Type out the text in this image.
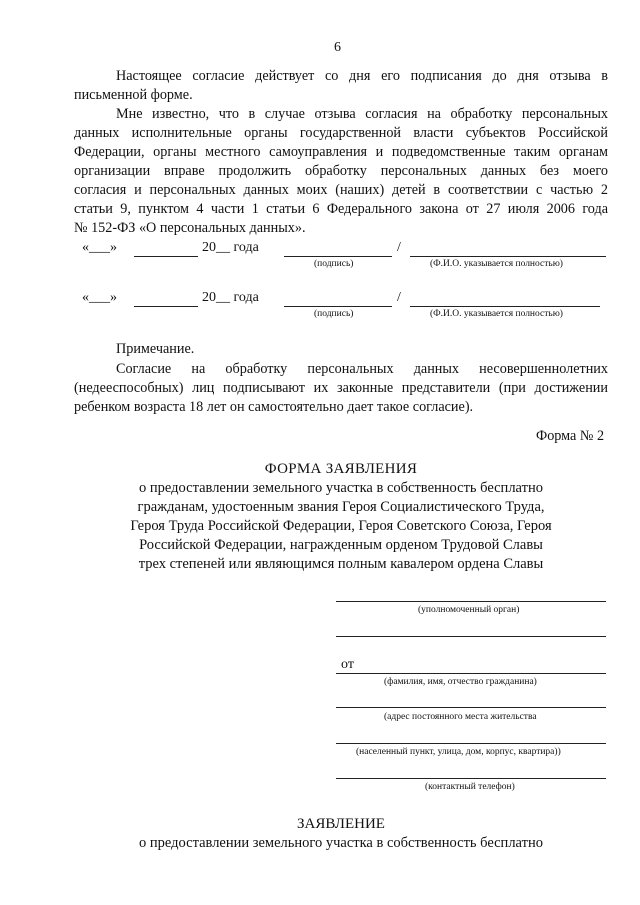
6
Настоящее согласие действует со дня его подписания до дня отзыва в
письменной форме.
Мне известно, что в случае отзыва согласия на обработку персональных
данных исполнительные органы государственной власти субъектов Российской
Федерации, органы местного самоуправления и подведомственные таким органам
организации вправе продолжить обработку персональных данных без моего
согласия и персональных данных моих (наших) детей в соответствии с частью 2
статьи 9, пунктом 4 части 1 статьи 6 Федерального закона от 27 июля 2006 года
№ 152-ФЗ «О персональных данных».
«___»	20__ года	/
(подпись)	(Ф.И.О. указывается полностью)
«___»	20__ года	/
(подпись)	(Ф.И.О. указывается полностью)
Примечание.
Согласие на обработку персональных данных несовершеннолетних
(недееспособных) лиц подписывают их законные представители (при достижении
ребенком возраста 18 лет он самостоятельно дает такое согласие).
Форма № 2
ФОРМА ЗАЯВЛЕНИЯ
о предоставлении земельного участка в собственность бесплатно
гражданам, удостоенным звания Героя Социалистического Труда,
Героя Труда Российской Федерации, Героя Советского Союза, Героя
Российской Федерации, награжденным орденом Трудовой Славы
трех степеней или являющимся полным кавалером ордена Славы
(уполномоченный орган)
от
(фамилия, имя, отчество гражданина)
(адрес постоянного места жительства
(населенный пункт, улица, дом, корпус, квартира))
(контактный телефон)
ЗАЯВЛЕНИЕ
о предоставлении земельного участка в собственность бесплатно
